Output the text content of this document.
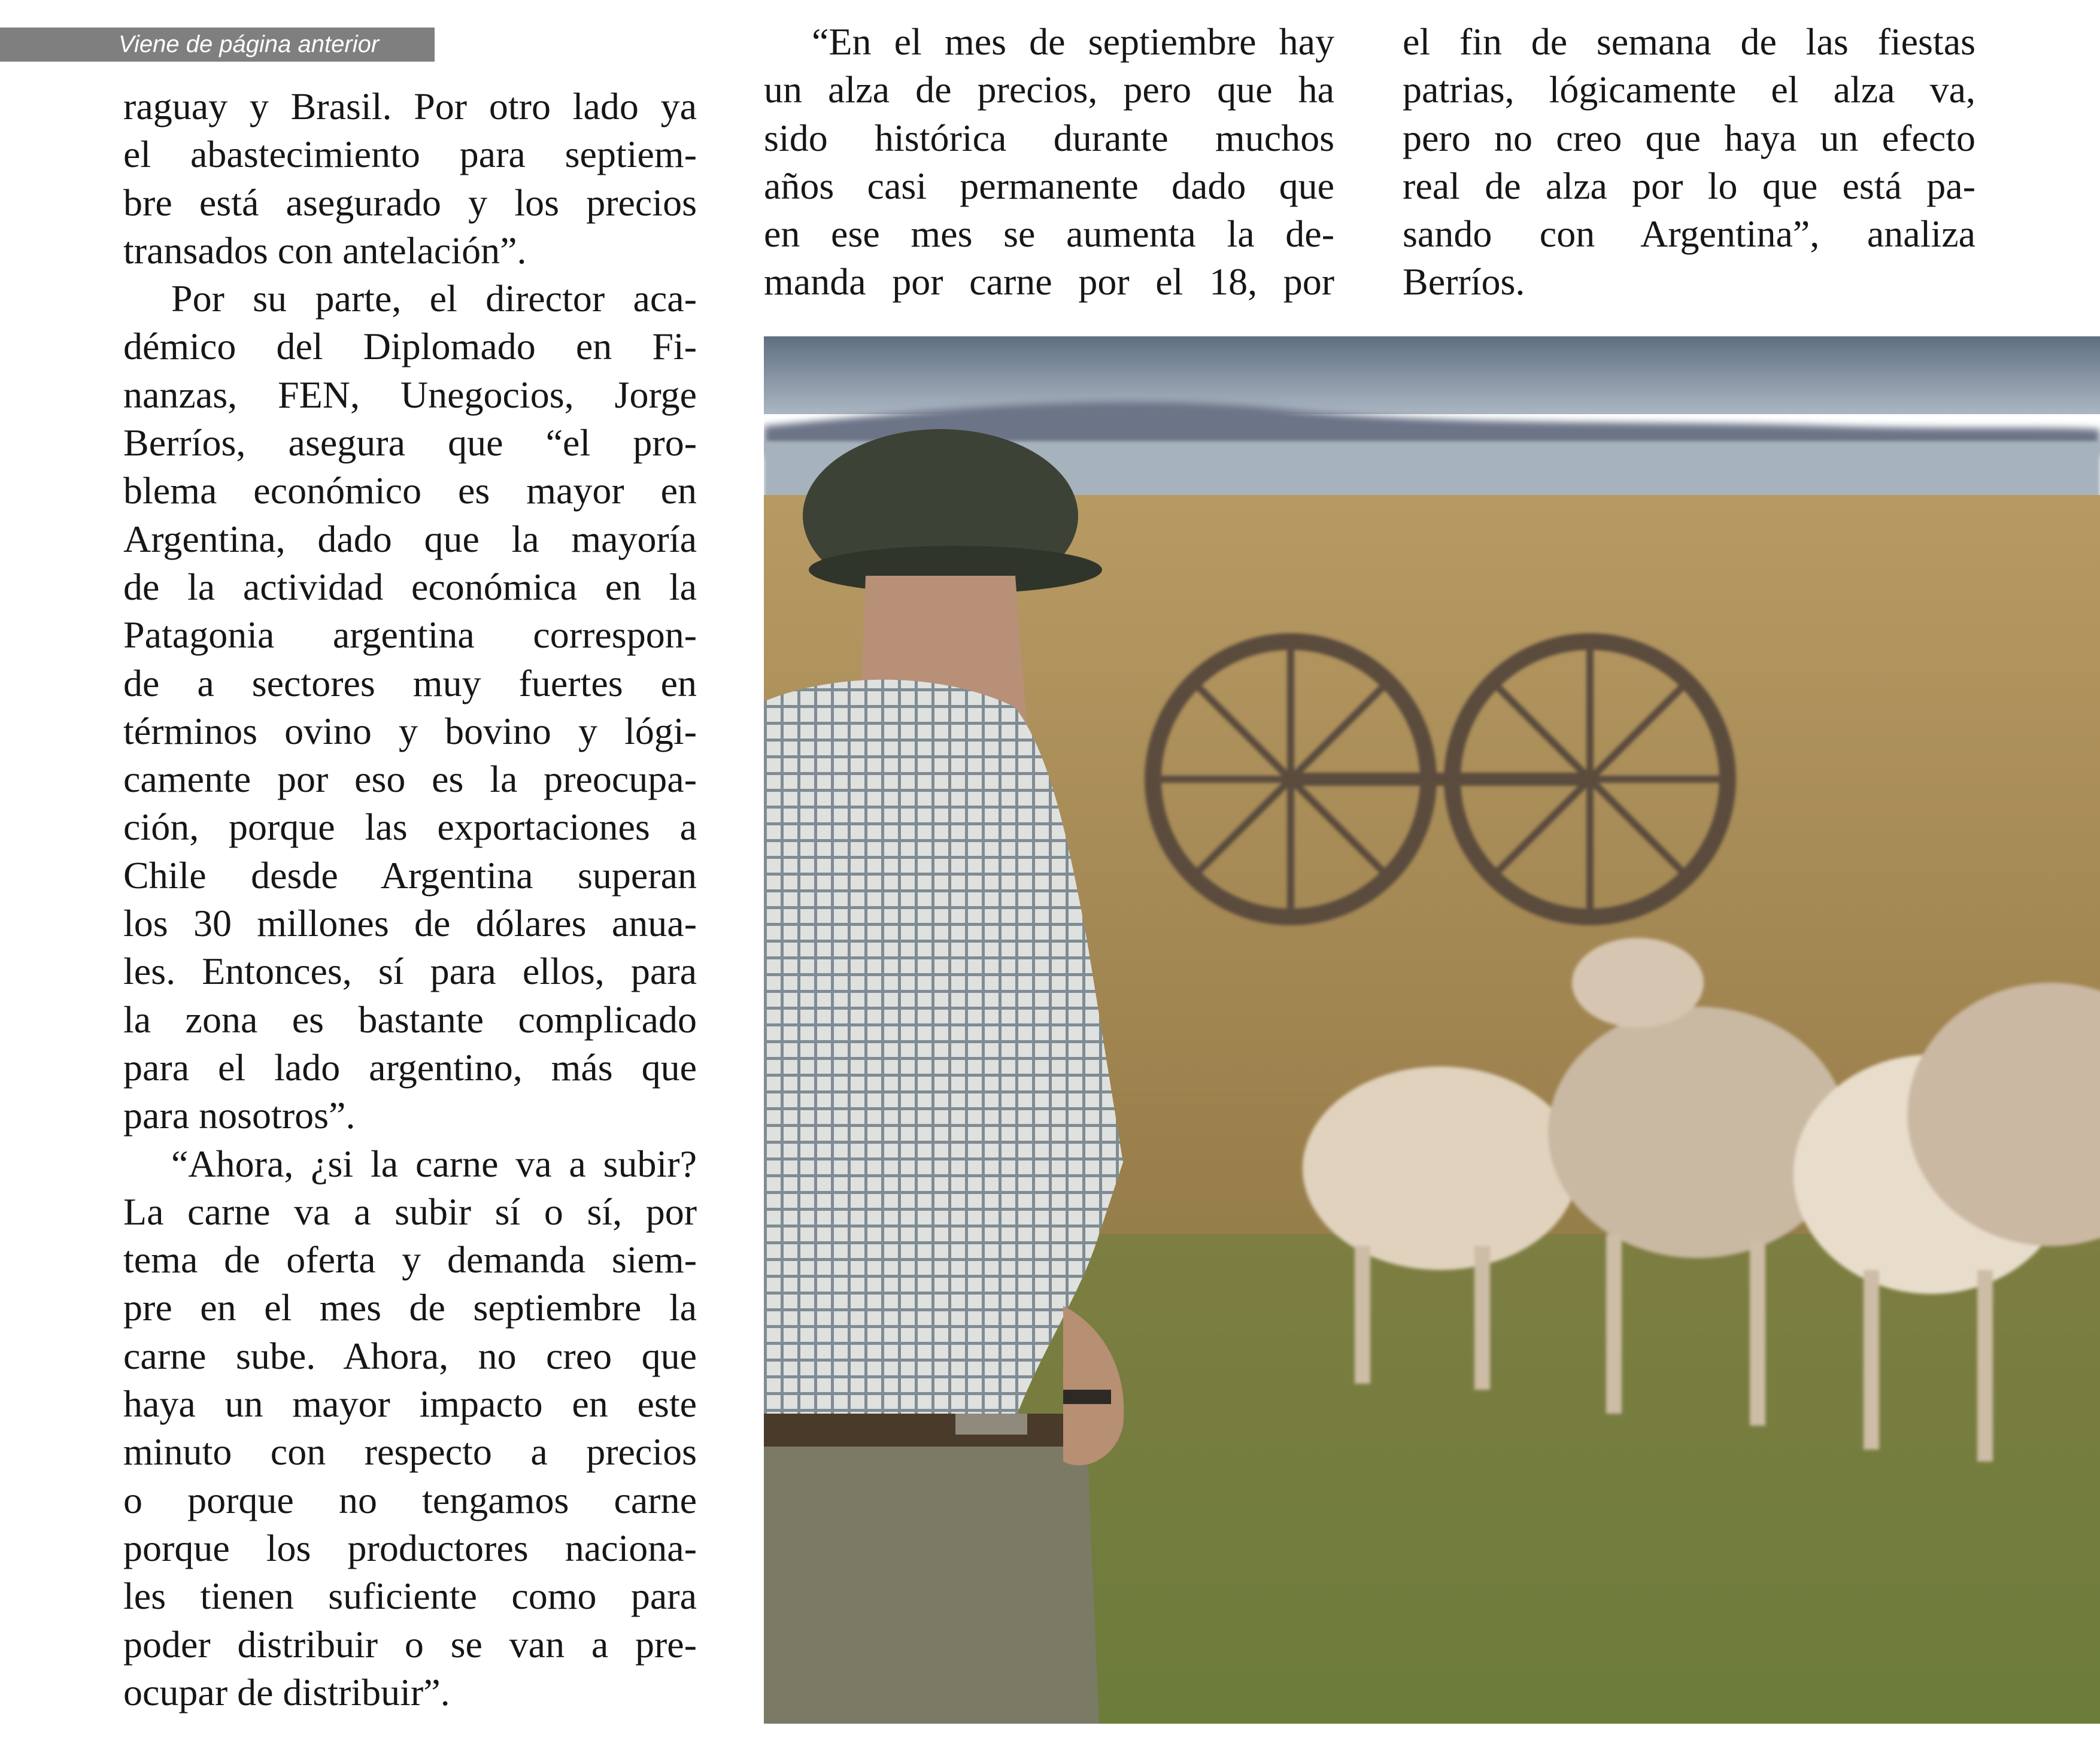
Viene de página anterior
raguay y Brasil. Por otro lado ya
el abastecimiento para septiem-
bre está asegurado y los precios
transados con antelación”.
Por su parte, el director aca-
démico del Diplomado en Fi-
nanzas, FEN, Unegocios, Jorge
Berríos, asegura que “el pro-
blema económico es mayor en
Argentina, dado que la mayoría
de la actividad económica en la
Patagonia argentina correspon-
de a sectores muy fuertes en
términos ovino y bovino y lógi-
camente por eso es la preocupa-
ción, porque las exportaciones a
Chile desde Argentina superan
los 30 millones de dólares anua-
les. Entonces, sí para ellos, para
la zona es bastante complicado
para el lado argentino, más que
para nosotros”.
“Ahora, ¿si la carne va a subir?
La carne va a subir sí o sí, por
tema de oferta y demanda siem-
pre en el mes de septiembre la
carne sube. Ahora, no creo que
haya un mayor impacto en este
minuto con respecto a precios
o porque no tengamos carne
porque los productores naciona-
les tienen suficiente como para
poder distribuir o se van a pre-
ocupar de distribuir”.
“En el mes de septiembre hay
un alza de precios, pero que ha
sido histórica durante muchos
años casi permanente dado que
en ese mes se aumenta la de-
manda por carne por el 18, por
el fin de semana de las fiestas
patrias, lógicamente el alza va,
pero no creo que haya un efecto
real de alza por lo que está pa-
sando con Argentina”, analiza
Berríos.
